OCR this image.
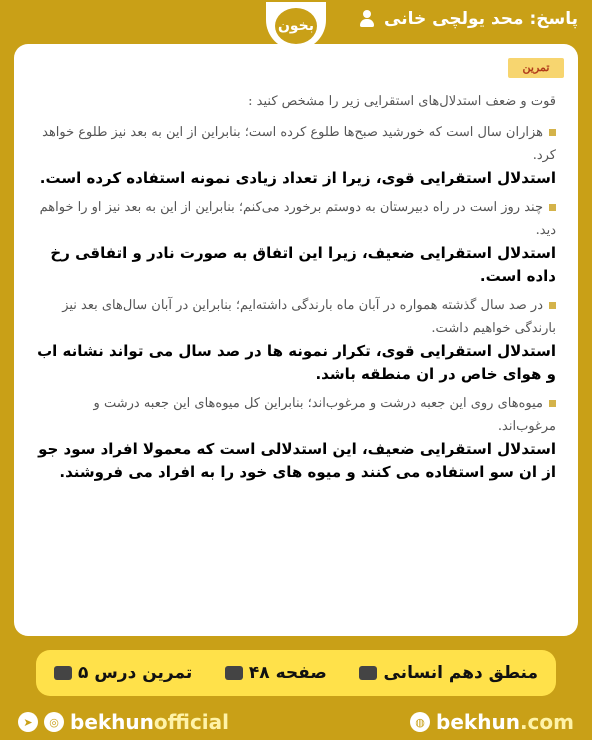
پاسخ: محد یولچی خانی
بخون
تمرین

قوت و ضعف استدلال‌های استقرایی زیر را مشخص کنید :

هزاران سال است که خورشید صبح‌ها طلوع کرده است؛ بنابراین از این به بعد نیز طلوع خواهد کرد.

استدلال استقرایی قوی، زیرا از تعداد زیادی نمونه استفاده کرده است.

چند روز است در راه دبیرستان به دوستم برخورد می‌کنم؛ بنابراین از این به بعد نیز او را خواهم دید.

استدلال استقرایی ضعیف، زیرا این اتفاق به صورت نادر و اتفاقی رخ داده است.

در صد سال گذشته همواره در آبان ماه بارندگی داشته‌ایم؛ بنابراین در آبان سال‌های بعد نیز بارندگی خواهیم داشت.

استدلال استقرایی قوی، تکرار نمونه ها در صد سال می تواند نشانه اب و هوای خاص در ان منطقه باشد.

میوه‌های روی این جعبه درشت و مرغوب‌اند؛ بنابراین کل میوه‌های این جعبه درشت و مرغوب‌اند.

استدلال استقرایی ضعیف، این استدلالی است که معمولا افراد سود جو از ان سو استفاده می کنند و میوه های خود را به افراد می فروشند.

تمرین درس ۵	صفحه ۴۸	منطق دهم انسانی
➤	◎ bekhunofficial	◍ bekhun.com
